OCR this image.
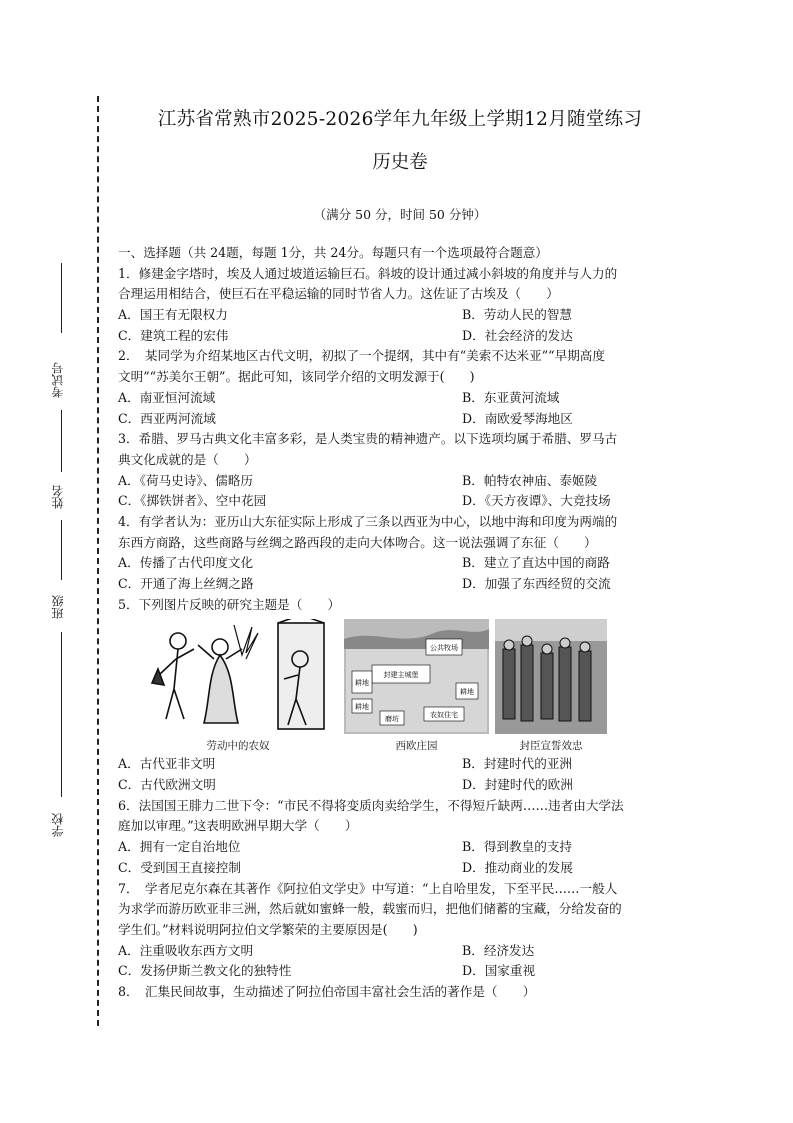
考试号
姓名
班级
学校
江苏省常熟市2025-2026学年九年级上学期12月随堂练习
历史卷
（满分 50 分，时间 50 分钟）
一、选择题（共 24题，每题 1分，共 24分。每题只有一个选项最符合题意）
1．修建金字塔时，埃及人通过坡道运输巨石。斜坡的设计通过减小斜坡的角度并与人力的
合理运用相结合，使巨石在平稳运输的同时节省人力。这佐证了古埃及（　　）
A．国王有无限权力	B．劳动人民的智慧
C．建筑工程的宏伟	D．社会经济的发达
2．　某同学为介绍某地区古代文明，初拟了一个提纲，其中有“美索不达米亚”“早期高度
文明”“苏美尔王朝”。据此可知，该同学介绍的文明发源于(　　)
A．南亚恒河流域	B．东亚黄河流域
C．西亚两河流域	D．南欧爱琴海地区
3．希腊、罗马古典文化丰富多彩，是人类宝贵的精神遗产。以下选项均属于希腊、罗马古
典文化成就的是（　　）
A．《荷马史诗》、儒略历	B．帕特农神庙、泰姬陵
C．《掷铁饼者》、空中花园	D．《天方夜谭》、大竞技场
4．有学者认为：亚历山大东征实际上形成了三条以西亚为中心，以地中海和印度为两端的
东西方商路，这些商路与丝绸之路西段的走向大体吻合。这一说法强调了东征（　　）
A．传播了古代印度文化	B．建立了直达中国的商路
C．开通了海上丝绸之路	D．加强了东西经贸的交流
5．下列图片反映的研究主题是（　　）
劳动中的农奴
公共牧场
耕地
封建主城堡
磨坊	农奴住宅
耕地
耕地
西欧庄园	封臣宣誓效忠
A．古代亚非文明	B．封建时代的亚洲
C．古代欧洲文明	D．封建时代的欧洲
6．法国国王腓力二世下令：“市民不得将变质肉卖给学生，不得短斤缺两……违者由大学法
庭加以审理。”这表明欧洲早期大学（　　）
A．拥有一定自治地位	B．得到教皇的支持
C．受到国王直接控制	D．推动商业的发展
7．　学者尼克尔森在其著作《阿拉伯文学史》中写道：“上自哈里发，下至平民……一般人
为求学而游历欧亚非三洲，然后就如蜜蜂一般，载蜜而归，把他们储蓄的宝藏，分给发奋的
学生们。”材料说明阿拉伯文学繁荣的主要原因是(　　)
A．注重吸收东西方文明	B．经济发达
C．发扬伊斯兰教文化的独特性	D．国家重视
8．　汇集民间故事，生动描述了阿拉伯帝国丰富社会生活的著作是（　　）
